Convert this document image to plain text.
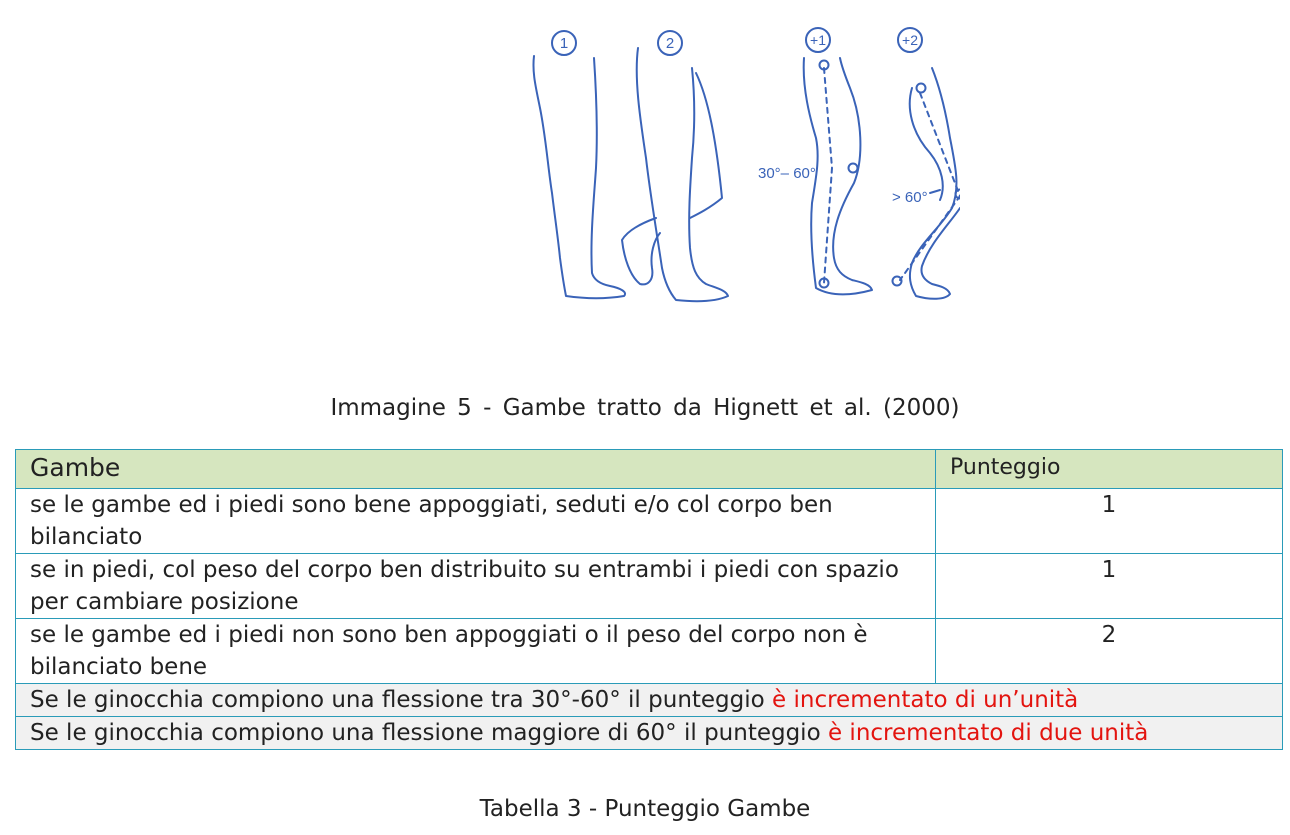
1	2	+1	+2
30°– 60°
> 60°
Immagine 5 - Gambe tratto da Hignett et al. (2000)
Gambe	Punteggio
se le gambe ed i piedi sono bene appoggiati, seduti e/o col corpo ben bilanciato	1
se in piedi, col peso del corpo ben distribuito su entrambi i piedi con spazio per cambiare posizione	1
se le gambe ed i piedi non sono ben appoggiati o il peso del corpo non è bilanciato bene	2
Se le ginocchia compiono una flessione tra 30°-60° il punteggio è incrementato di un’unità	
Se le ginocchia compiono una flessione maggiore di 60° il punteggio è incrementato di due unità	
Tabella 3 - Punteggio Gambe
